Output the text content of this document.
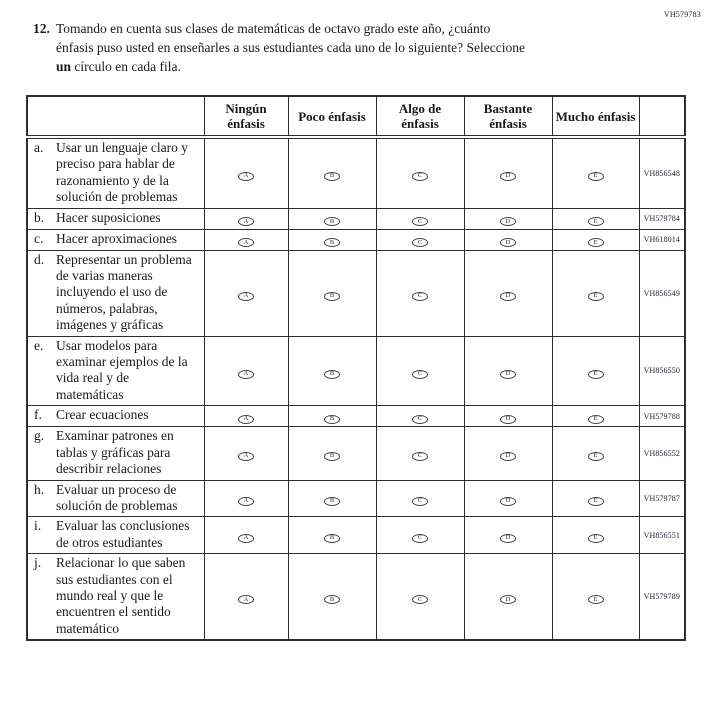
VH579783
12. Tomando en cuenta sus clases de matemáticas de octavo grado este año, ¿cuánto
énfasis puso usted en enseñarles a sus estudiantes cada uno de lo siguiente? Seleccione
un círculo en cada fila.
	Ningún énfasis	Poco énfasis	Algo de énfasis	Bastante énfasis	Mucho énfasis	
a. Usar un lenguaje claro y preciso para hablar de razonamiento y de la solución de problemas	A	B	C	D	E	VH856548
b. Hacer suposiciones	A	B	C	D	E	VH579784
c. Hacer aproximaciones	A	B	C	D	E	VH618014
d. Representar un problema de varias maneras incluyendo el uso de números, palabras, imágenes y gráficas	A	B	C	D	E	VH856549
e. Usar modelos para examinar ejemplos de la vida real y de matemáticas	A	B	C	D	E	VH856550
f. Crear ecuaciones	A	B	C	D	E	VH579788
g. Examinar patrones en tablas y gráficas para describir relaciones	A	B	C	D	E	VH856552
h. Evaluar un proceso de solución de problemas	A	B	C	D	E	VH579787
i. Evaluar las conclusiones de otros estudiantes	A	B	C	D	E	VH856551
j. Relacionar lo que saben sus estudiantes con el mundo real y que le encuentren el sentido matemático	A	B	C	D	E	VH579789
